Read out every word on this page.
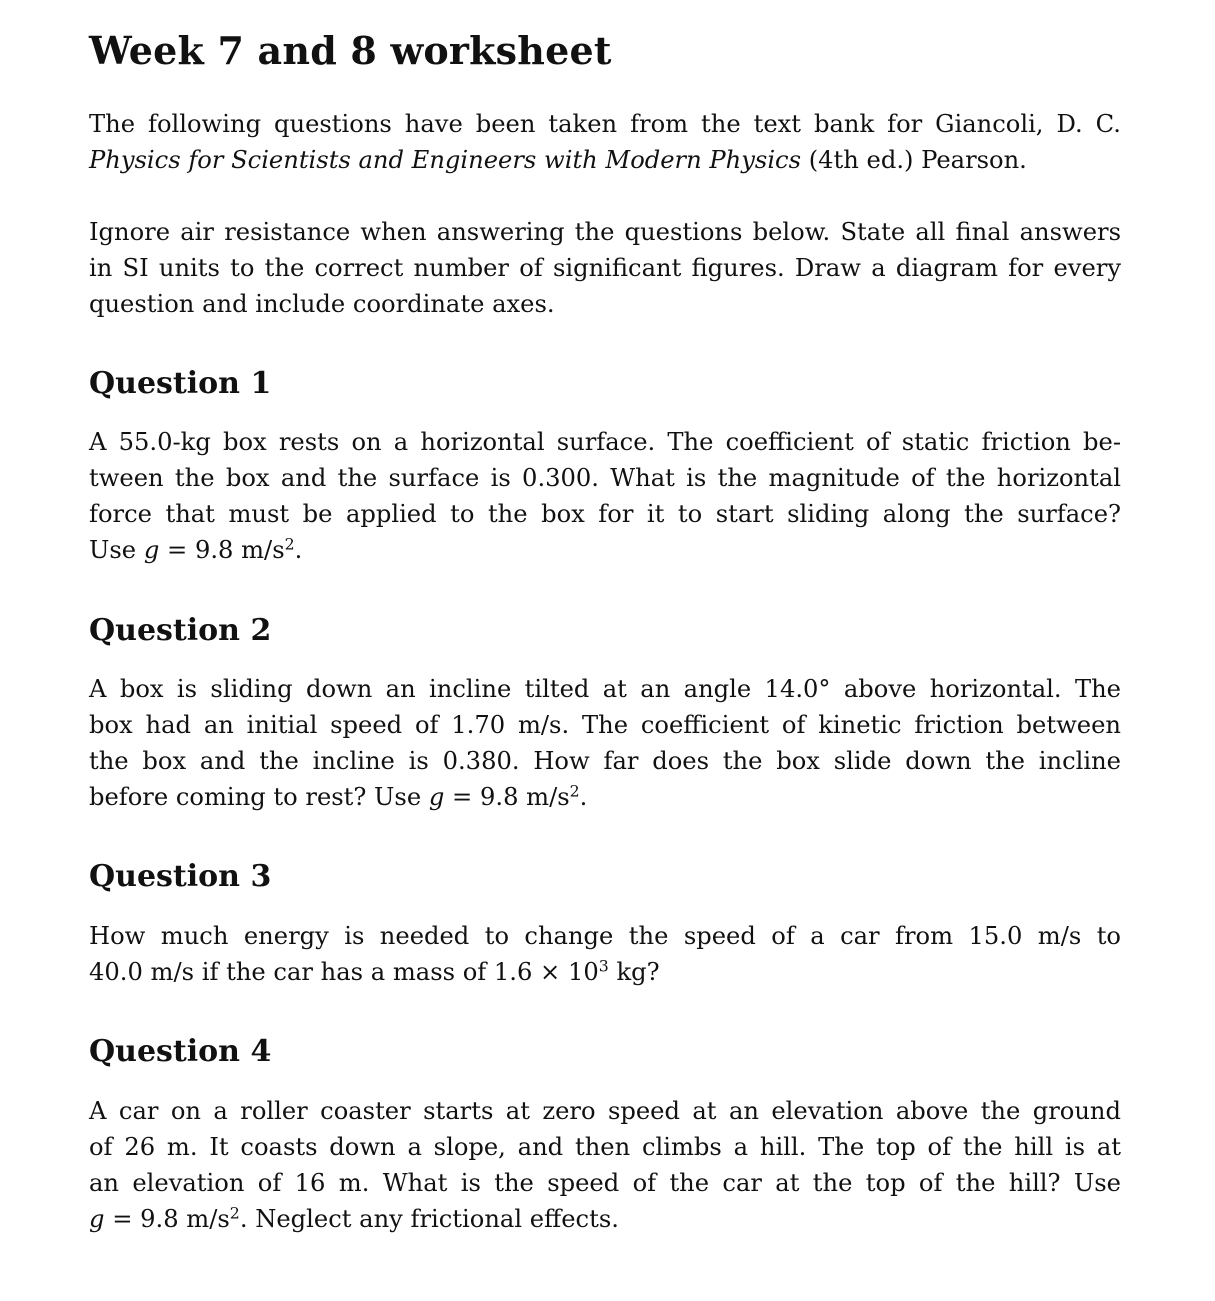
Week 7 and 8 worksheet
The following questions have been taken from the text bank for Giancoli, D. C.
Physics for Scientists and Engineers with Modern Physics (4th ed.) Pearson.
Ignore air resistance when answering the questions below. State all final answers
in SI units to the correct number of significant figures. Draw a diagram for every
question and include coordinate axes.
Question 1
A 55.0-kg box rests on a horizontal surface. The coefficient of static friction be-
tween the box and the surface is 0.300. What is the magnitude of the horizontal
force that must be applied to the box for it to start sliding along the surface?
Use g = 9.8 $m/s^2$.
Question 2
A box is sliding down an incline tilted at an angle 14.0° above horizontal. The
box had an initial speed of 1.70 m/s. The coefficient of kinetic friction between
the box and the incline is 0.380. How far does the box slide down the incline
before coming to rest? Use g = 9.8 $m/s^2$.
Question 3
How much energy is needed to change the speed of a car from 15.0 m/s to
40.0 m/s if the car has a mass of $1.6 \times 10^3$ kg?
Question 4
A car on a roller coaster starts at zero speed at an elevation above the ground
of 26 m. It coasts down a slope, and then climbs a hill. The top of the hill is at
an elevation of 16 m. What is the speed of the car at the top of the hill? Use
g = 9.8 $m/s^2$. Neglect any frictional effects.
